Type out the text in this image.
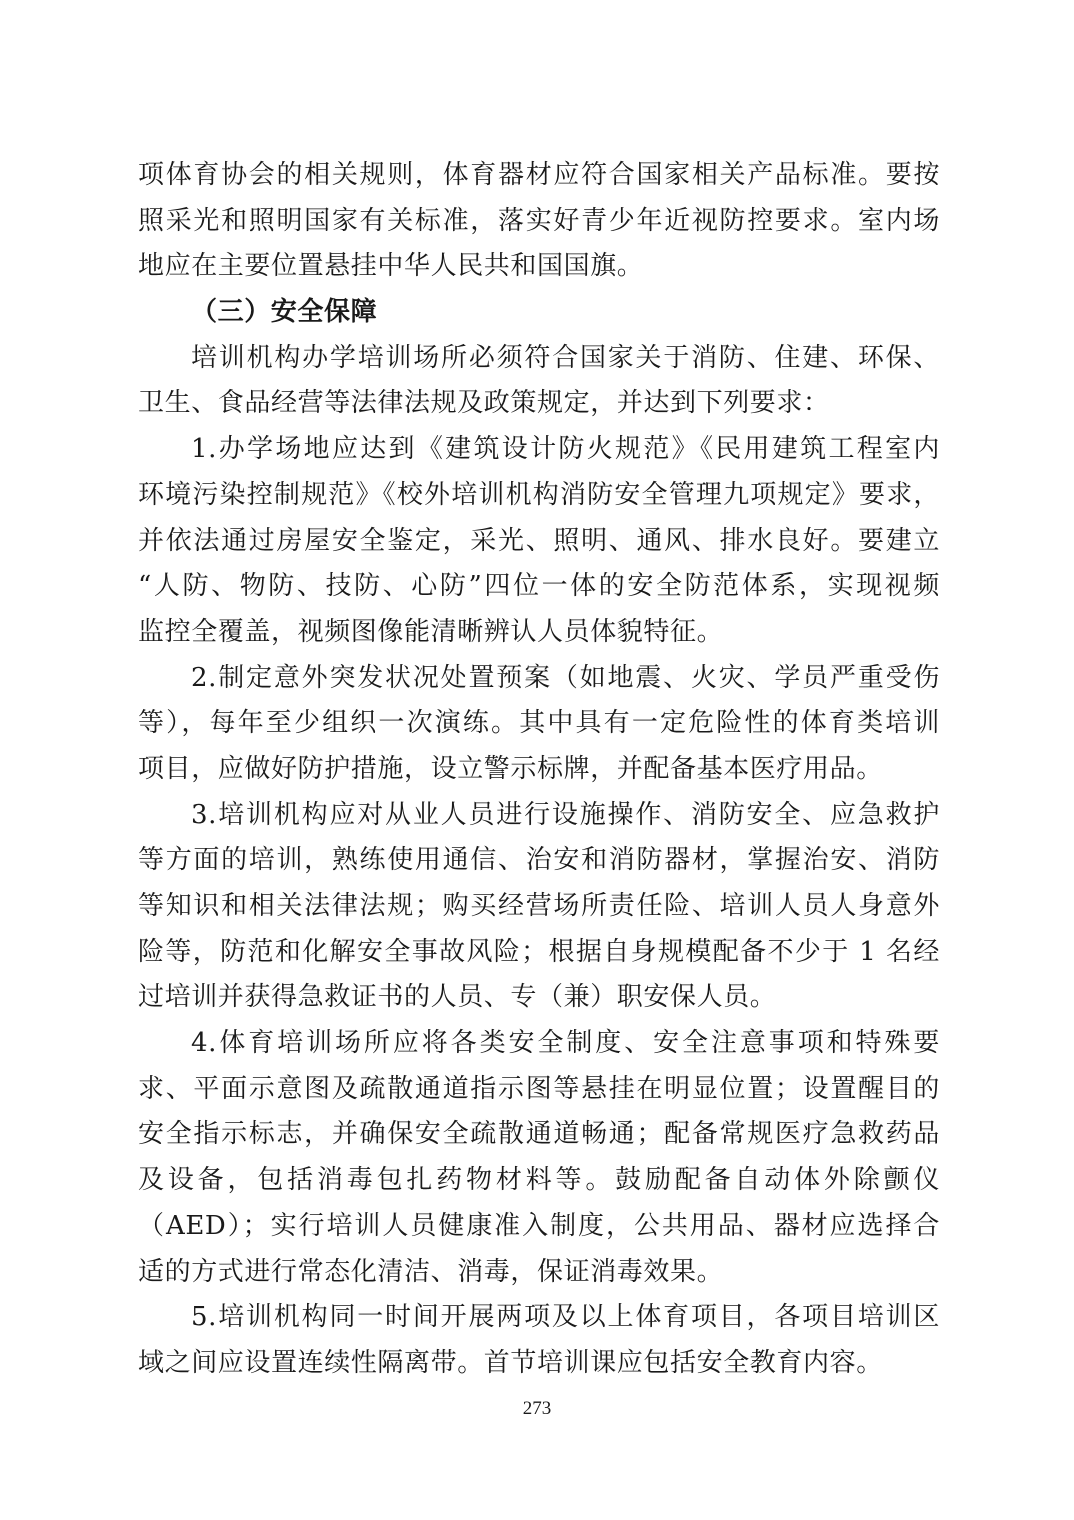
项体育协会的相关规则，体育器材应符合国家相关产品标准。要按
照采光和照明国家有关标准，落实好青少年近视防控要求。室内场
地应在主要位置悬挂中华人民共和国国旗。
（三）安全保障
培训机构办学培训场所必须符合国家关于消防、住建、环保、
卫生、食品经营等法律法规及政策规定，并达到下列要求：
1.办学场地应达到《建筑设计防火规范》《民用建筑工程室内
环境污染控制规范》《校外培训机构消防安全管理九项规定》要求，
并依法通过房屋安全鉴定，采光、照明、通风、排水良好。要建立
“人防、物防、技防、心防”四位一体的安全防范体系，实现视频
监控全覆盖，视频图像能清晰辨认人员体貌特征。
2.制定意外突发状况处置预案（如地震、火灾、学员严重受伤
等），每年至少组织一次演练。其中具有一定危险性的体育类培训
项目，应做好防护措施，设立警示标牌，并配备基本医疗用品。
3.培训机构应对从业人员进行设施操作、消防安全、应急救护
等方面的培训，熟练使用通信、治安和消防器材，掌握治安、消防
等知识和相关法律法规；购买经营场所责任险、培训人员人身意外
险等，防范和化解安全事故风险；根据自身规模配备不少于 1 名经
过培训并获得急救证书的人员、专（兼）职安保人员。
4.体育培训场所应将各类安全制度、安全注意事项和特殊要
求、平面示意图及疏散通道指示图等悬挂在明显位置；设置醒目的
安全指示标志，并确保安全疏散通道畅通；配备常规医疗急救药品
及设备，包括消毒包扎药物材料等。鼓励配备自动体外除颤仪
（AED）；实行培训人员健康准入制度，公共用品、器材应选择合
适的方式进行常态化清洁、消毒，保证消毒效果。
5.培训机构同一时间开展两项及以上体育项目，各项目培训区
域之间应设置连续性隔离带。首节培训课应包括安全教育内容。
273
